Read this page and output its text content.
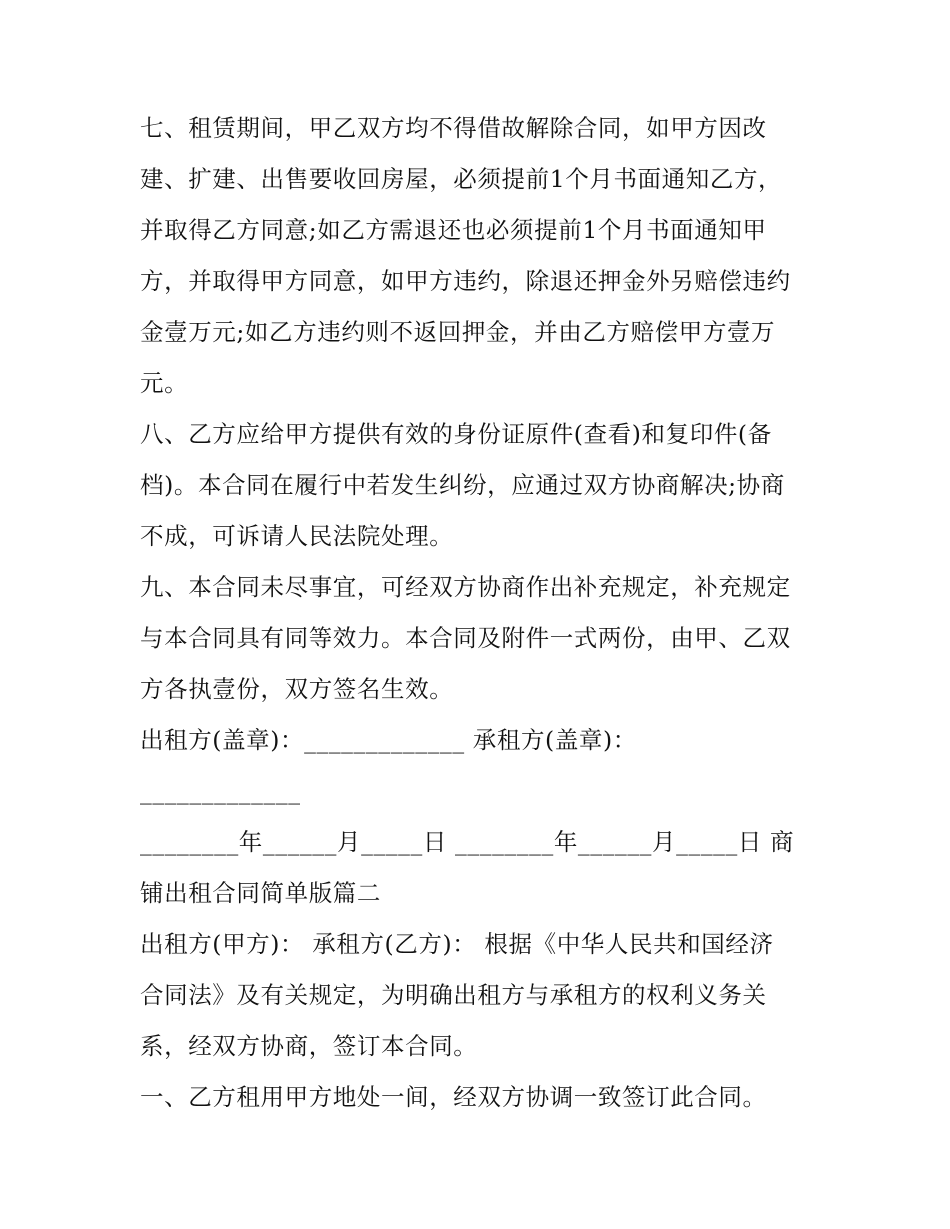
七、租赁期间，甲乙双方均不得借故解除合同，如甲方因改
建、扩建、出售要收回房屋，必须提前1个月书面通知乙方，
并取得乙方同意;如乙方需退还也必须提前1个月书面通知甲
方，并取得甲方同意，如甲方违约，除退还押金外另赔偿违约
金壹万元;如乙方违约则不返回押金，并由乙方赔偿甲方壹万
元。
八、乙方应给甲方提供有效的身份证原件(查看)和复印件(备
档)。本合同在履行中若发生纠纷，应通过双方协商解决;协商
不成，可诉请人民法院处理。
九、本合同未尽事宜，可经双方协商作出补充规定，补充规定
与本合同具有同等效力。本合同及附件一式两份，由甲、乙双
方各执壹份，双方签名生效。
出租方(盖章)：_____________ 承租方(盖章)：
_____________
________年______月_____日 ________年______月_____日 商
铺出租合同简单版篇二
出租方(甲方)： 承租方(乙方)： 根据《中华人民共和国经济
合同法》及有关规定，为明确出租方与承租方的权利义务关
系，经双方协商，签订本合同。
一、乙方租用甲方地处一间，经双方协调一致签订此合同。
